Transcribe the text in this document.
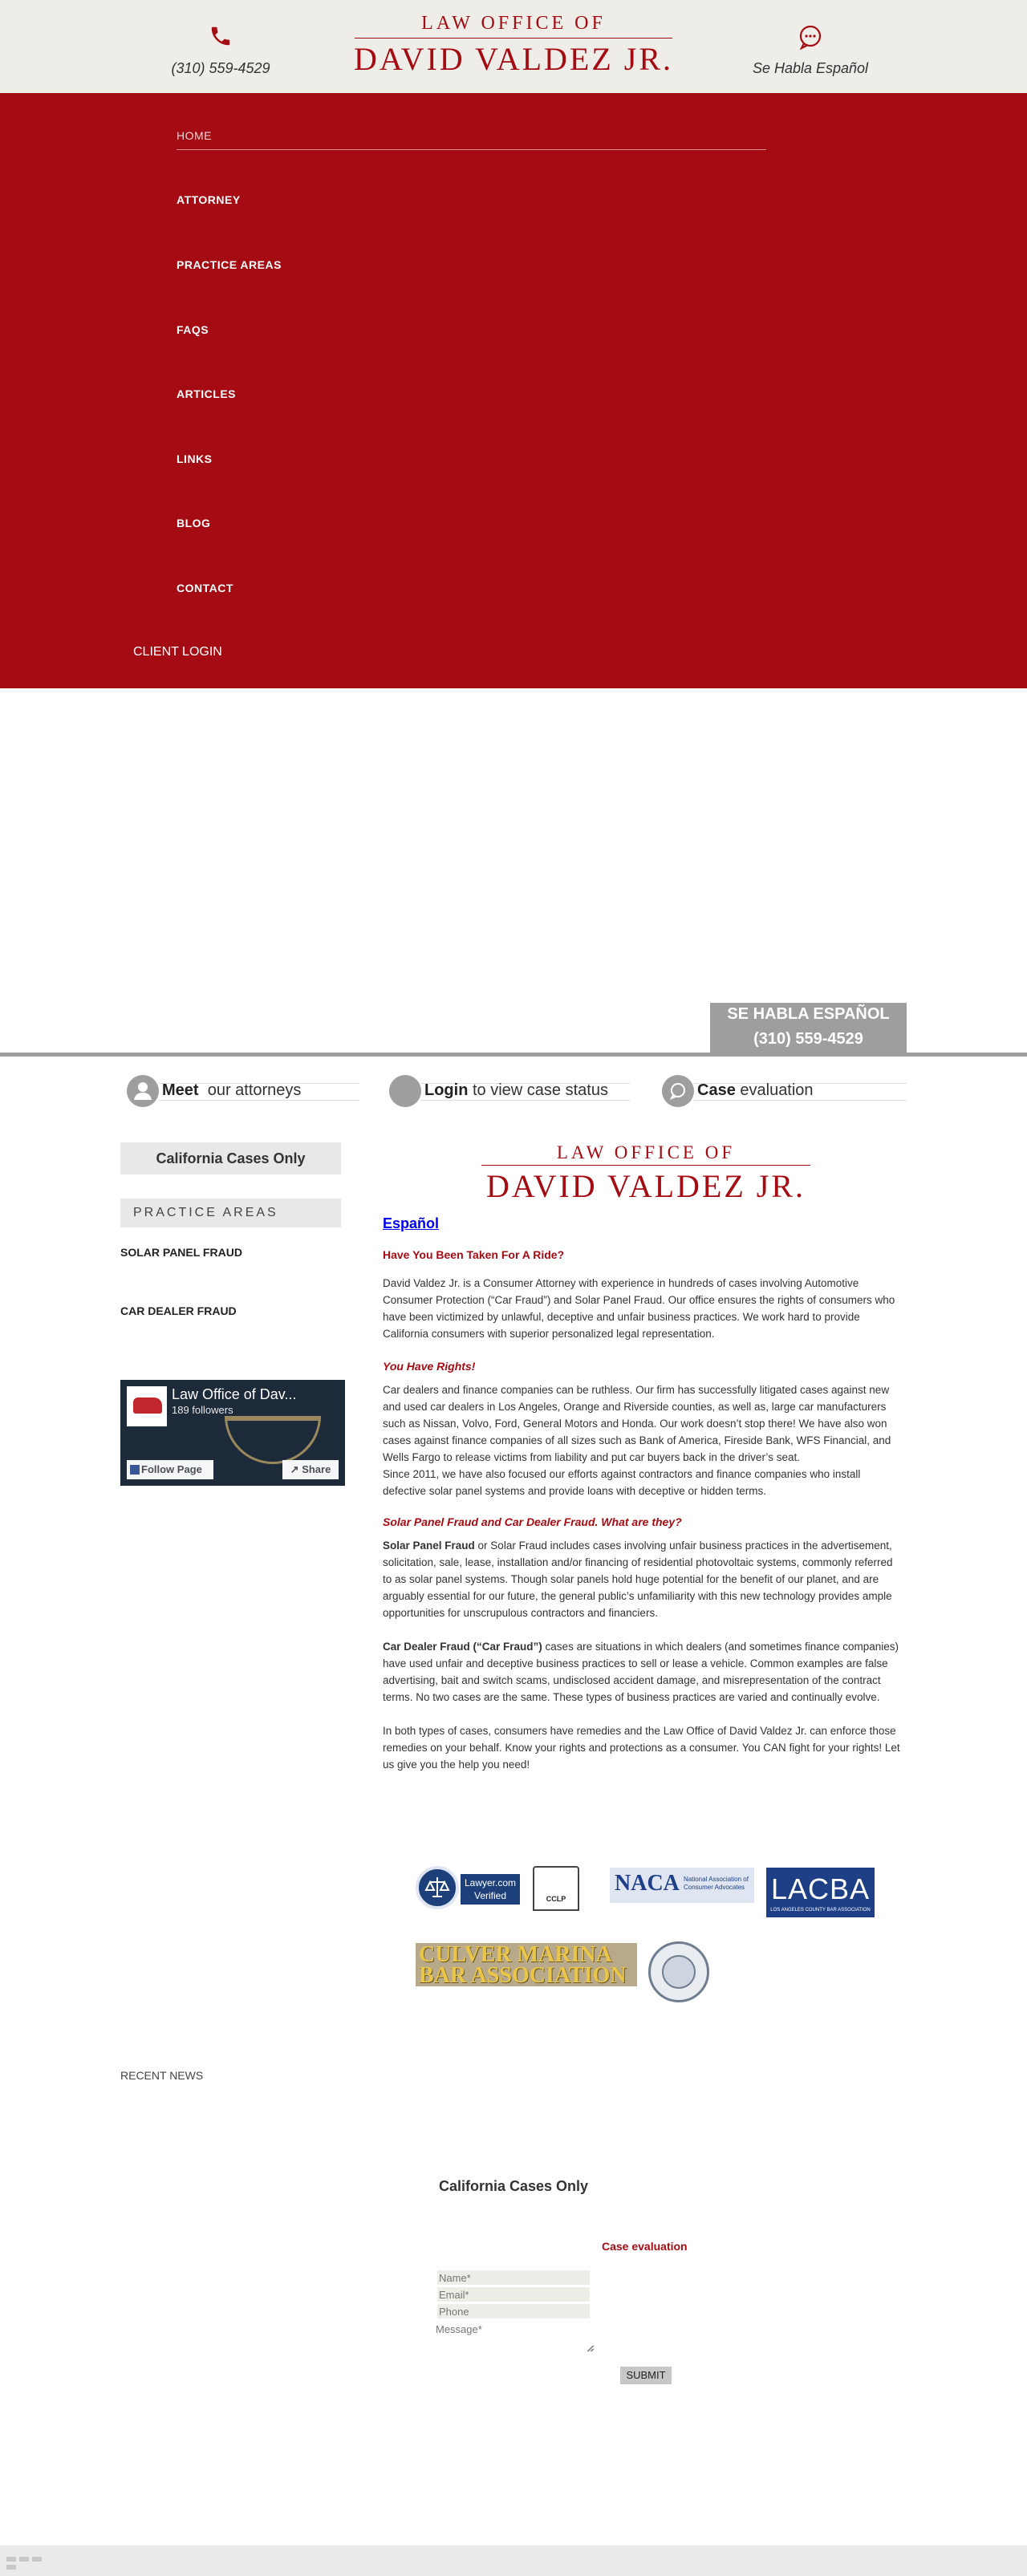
(310) 559-4529
LAW OFFICE OF
DAVID VALDEZ JR.	Se Habla Español
HOME
ATTORNEY
PRACTICE AREAS
FAQS
ARTICLES
LINKS
BLOG
CONTACT
CLIENT LOGIN
SE HABLA ESPAÑOL
(310) 559-4529
Meet our attorneys	Login to view case status	Case evaluation
California Cases Only
PRACTICE AREAS
SOLAR PANEL FRAUD
CAR DEALER FRAUD
Law Office of Dav...
189 followers
Follow Page	↗ Share
LAW OFFICE OF
DAVID VALDEZ JR.
Español
Have You Been Taken For A Ride?
David Valdez Jr. is a Consumer Attorney with experience in hundreds of cases involving Automotive Consumer Protection (“Car Fraud”) and Solar Panel Fraud. Our office ensures the rights of consumers who have been victimized by unlawful, deceptive and unfair business practices. We work hard to provide California consumers with superior personalized legal representation.
You Have Rights!
Car dealers and finance companies can be ruthless. Our firm has successfully litigated cases against new and used car dealers in Los Angeles, Orange and Riverside counties, as well as, large car manufacturers such as Nissan, Volvo, Ford, General Motors and Honda. Our work doesn’t stop there! We have also won cases against finance companies of all sizes such as Bank of America, Fireside Bank, WFS Financial, and Wells Fargo to release victims from liability and put car buyers back in the driver’s seat.
Since 2011, we have also focused our efforts against contractors and finance companies who install defective solar panel systems and provide loans with deceptive or hidden terms.
Solar Panel Fraud and Car Dealer Fraud. What are they?
Solar Panel Fraud or Solar Fraud includes cases involving unfair business practices in the advertisement, solicitation, sale, lease, installation and/or financing of residential photovoltaic systems, commonly referred to as solar panel systems. Though solar panels hold huge potential for the benefit of our planet, and are arguably essential for our future, the general public’s unfamiliarity with this new technology provides ample opportunities for unscrupulous contractors and financiers.
Car Dealer Fraud (“Car Fraud”) cases are situations in which dealers (and sometimes finance companies) have used unfair and deceptive business practices to sell or lease a vehicle. Common examples are false advertising, bait and switch scams, undisclosed accident damage, and misrepresentation of the contract terms. No two cases are the same. These types of business practices are varied and continually evolve.
In both types of cases, consumers have remedies and the Law Office of David Valdez Jr. can enforce those remedies on your behalf. Know your rights and protections as a consumer. You CAN fight for your rights! Let us give you the help you need!
Lawyer.com Verified	CCLP
NACA National Association of Consumer Advocates LACBA
LOS ANGELES COUNTY BAR ASSOCIATION
CULVER MARINA
BAR ASSOCIATION
RECENT NEWS
California Cases Only
Case evaluation
Name*
Email*
Phone
Message*
SUBMIT
